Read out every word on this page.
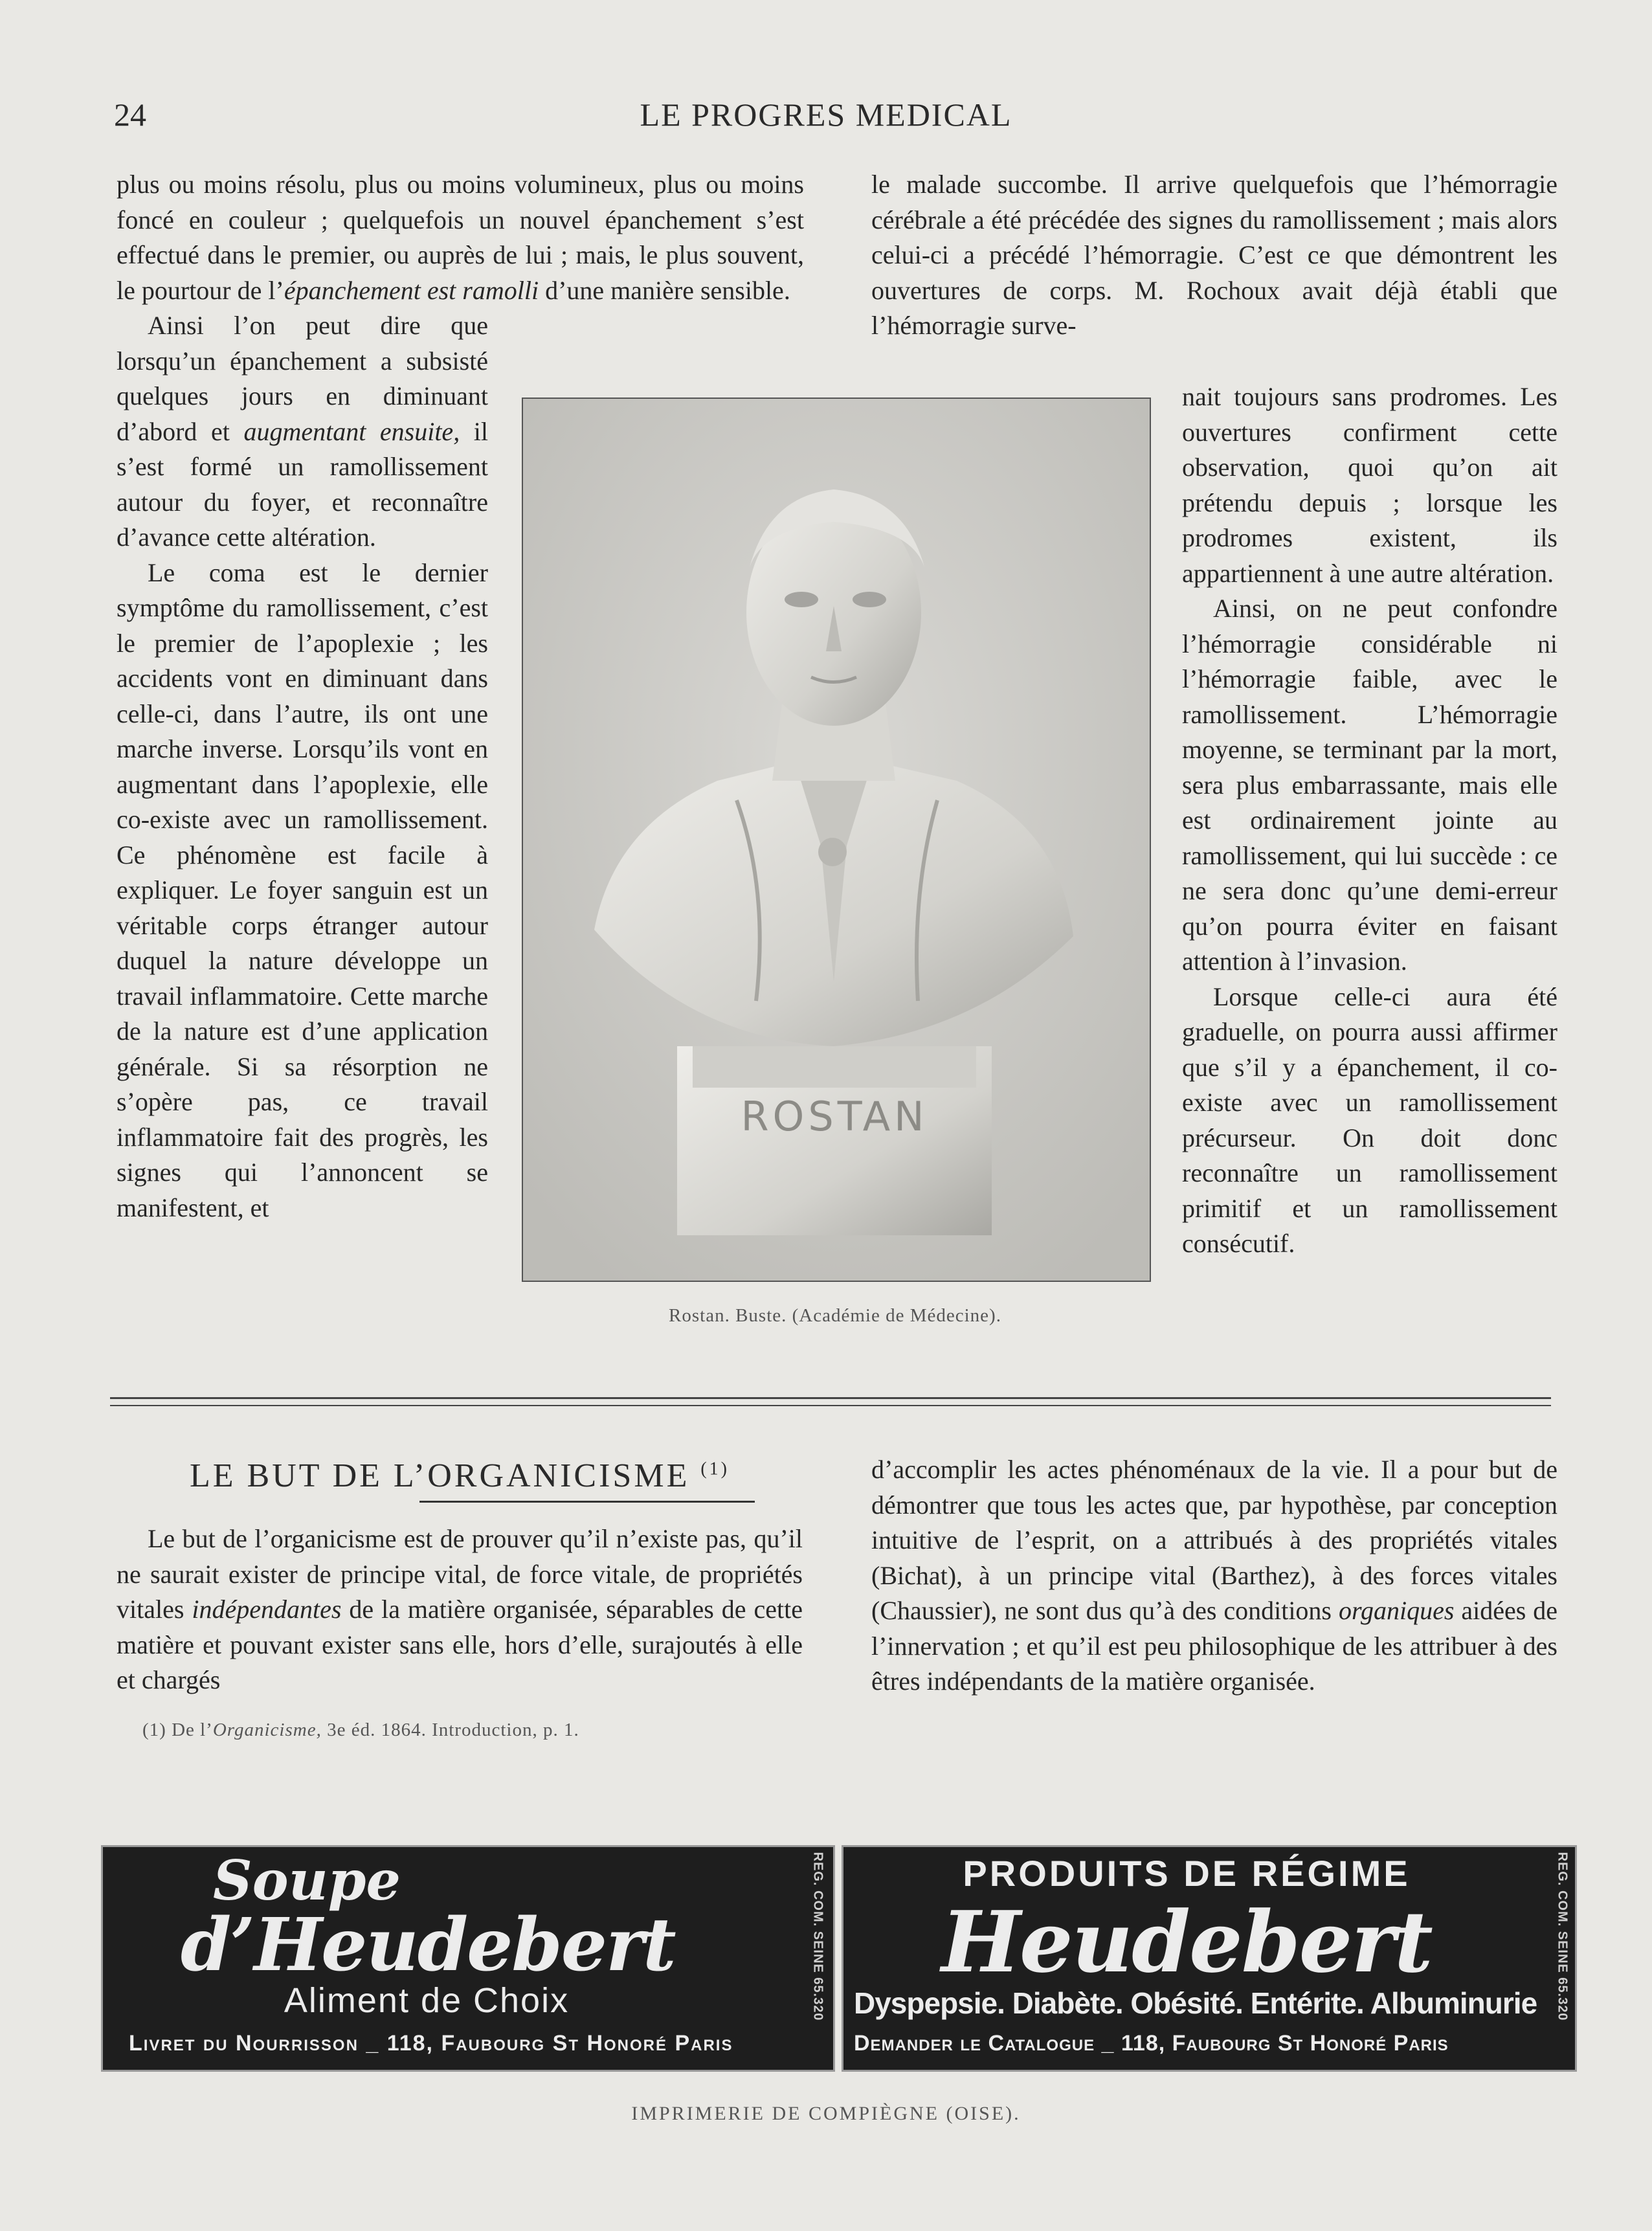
24	LE PROGRES MEDICAL

plus ou moins résolu, plus ou moins volumineux, plus ou moins foncé en couleur ; quelquefois un nouvel épanchement s’est effectué dans le premier, ou auprès de lui ; mais, le plus souvent, le pourtour de l’épanchement est ramolli d’une manière sensible.

Ainsi l’on peut dire que lorsqu’un épanchement a subsisté quelques jours en diminuant d’abord et augmentant ensuite, il s’est formé un ramollissement autour du foyer, et reconnaître d’avance cette altération.

Le coma est le dernier symptôme du ramollissement, c’est le premier de l’apoplexie ; les accidents vont en diminuant dans celle-ci, dans l’autre, ils ont une marche inverse. Lorsqu’ils vont en augmentant dans l’apoplexie, elle co-existe avec un ramollissement. Ce phénomène est facile à expliquer. Le foyer sanguin est un véritable corps étranger autour duquel la nature développe un travail inflammatoire. Cette marche de la nature est d’une application générale. Si sa résorption ne s’opère pas, ce travail inflammatoire fait des progrès, les signes qui l’annoncent se manifestent, et

le malade succombe. Il arrive quelquefois que l’hémorragie cérébrale a été précédée des signes du ramollissement ; mais alors celui-ci a précédé l’hémorragie. C’est ce que démontrent les ouvertures de corps. M. Rochoux avait déjà établi que l’hémorragie surve-

nait toujours sans prodromes. Les ouvertures confirment cette observation, quoi qu’on ait prétendu depuis ; lorsque les prodromes existent, ils appartiennent à une autre altération.

Ainsi, on ne peut confondre l’hémorragie considérable ni l’hémorragie faible, avec le ramollissement. L’hémorragie moyenne, se terminant par la mort, sera plus embarrassante, mais elle est ordinairement jointe au ramollissement, qui lui succède : ce ne sera donc qu’une demi-erreur qu’on pourra éviter en faisant attention à l’invasion.

Lorsque celle-ci aura été graduelle, on pourra aussi affirmer que s’il y a épanchement, il co-existe avec un ramollissement précurseur. On doit donc reconnaître un ramollissement primitif et un ramollissement consécutif.

ROSTAN
Rostan. Buste. (Académie de Médecine).
LE BUT DE L’ORGANICISME $^{(1)}$

Le but de l’organicisme est de prouver qu’il n’existe pas, qu’il ne saurait exister de principe vital, de force vitale, de propriétés vitales indépendantes de la matière organisée, séparables de cette matière et pouvant exister sans elle, hors d’elle, surajoutés à elle et chargés

d’accomplir les actes phénoménaux de la vie. Il a pour but de démontrer que tous les actes que, par hypothèse, par conception intuitive de l’esprit, on a attribués à des propriétés vitales (Bichat), à un principe vital (Barthez), à des forces vitales (Chaussier), ne sont dus qu’à des conditions organiques aidées de l’innervation ; et qu’il est peu philosophique de les attribuer à des êtres indépendants de la matière organisée.

(1) De l’Organicisme, 3e éd. 1864. Introduction, p. 1.
Soupe
d’Heudebert
Aliment de Choix
Livret du Nourrisson _ 118, Faubourg St Honoré Paris
REG. COM. SEINE 65.320	PRODUITS DE RÉGIME
Heudebert
Dyspepsie. Diabète. Obésité. Entérite. Albuminurie
Demander le Catalogue _ 118, Faubourg St Honoré Paris
REG. COM. SEINE 65.320
IMPRIMERIE DE COMPIÈGNE (OISE).
